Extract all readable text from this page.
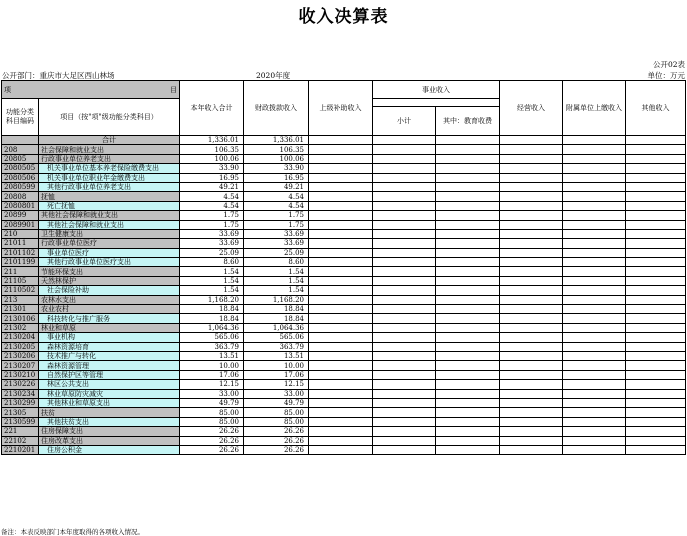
收入决算表
公开02表
公开部门：重庆市大足区西山林场	2020年度	单位：万元
项 目		本年收入合计	财政拨款收入	上级补助收入	事业收入		经营收入	附属单位上缴收入	其他收入
功能分类科目编码	项目（按"项"级功能分类科目）								
					小计	其中：教育收费			
	合计	1,336.01	1,336.01						
208	社会保障和就业支出	106.35	106.35						
20805	行政事业单位养老支出	100.06	100.06						
2080505	机关事业单位基本养老保险缴费支出	33.90	33.90						
2080506	机关事业单位职业年金缴费支出	16.95	16.95						
2080599	其他行政事业单位养老支出	49.21	49.21						
20808	抚恤	4.54	4.54						
2080801	死亡抚恤	4.54	4.54						
20899	其他社会保障和就业支出	1.75	1.75						
2089901	其他社会保障和就业支出	1.75	1.75						
210	卫生健康支出	33.69	33.69						
21011	行政事业单位医疗	33.69	33.69						
2101102	事业单位医疗	25.09	25.09						
2101199	其他行政事业单位医疗支出	8.60	8.60						
211	节能环保支出	1.54	1.54						
21105	天然林保护	1.54	1.54						
2110502	社会保险补助	1.54	1.54						
213	农林水支出	1,168.20	1,168.20						
21301	农业农村	18.84	18.84						
2130106	科技转化与推广服务	18.84	18.84						
21302	林业和草原	1,064.36	1,064.36						
2130204	事业机构	565.06	565.06						
2130205	森林资源培育	363.79	363.79						
2130206	技术推广与转化	13.51	13.51						
2130207	森林资源管理	10.00	10.00						
2130210	自然保护区等管理	17.06	17.06						
2130226	林区公共支出	12.15	12.15						
2130234	林业草原防灾减灾	33.00	33.00						
2130299	其他林业和草原支出	49.79	49.79						
21305	扶贫	85.00	85.00						
2130599	其他扶贫支出	85.00	85.00						
221	住房保障支出	26.26	26.26						
22102	住房改革支出	26.26	26.26						
2210201	住房公积金	26.26	26.26						
备注：本表反映部门本年度取得的各项收入情况。
